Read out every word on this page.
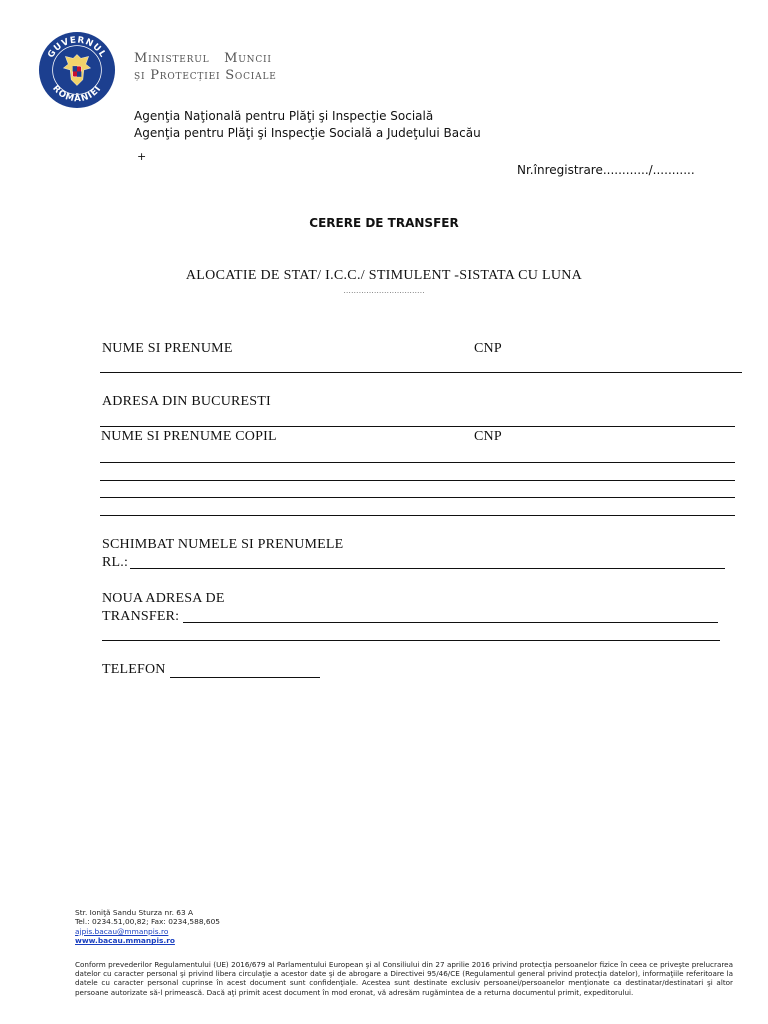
GUVERNUL
ROMÂNIEI
Ministerul   Muncii
și Protecției Sociale
Agenţia Naţională pentru Plăţi şi Inspecţie Socială
Agenţia pentru Plăţi şi Inspecţie Socială a Judeţului Bacău
+
Nr.înregistrare............/...........
CERERE DE TRANSFER
ALOCATIE DE STAT/ I.C.C./ STIMULENT -SISTATA CU LUNA
................................
NUME SI PRENUME	CNP
ADRESA DIN BUCURESTI
NUME SI PRENUME COPIL	CNP
SCHIMBAT NUMELE SI PRENUMELE
RL.:
NOUA ADRESA DE
TRANSFER:
TELEFON
Str. Ioniţă Sandu Sturza nr. 63 A
Tel.: 0234.51,00,82; Fax: 0234,588,605
ajpis.bacau@mmanpis.ro
www.bacau.mmanpis.ro
Conform prevederilor Regulamentului (UE) 2016/679 al Parlamentului European şi al Consiliului din 27 aprilie 2016 privind protecţia persoanelor fizice în ceea ce priveşte prelucrarea datelor cu caracter personal şi privind libera circulaţie a acestor date şi de abrogare a Directivei 95/46/CE (Regulamentul general privind protecţia datelor), informaţiile referitoare la datele cu caracter personal cuprinse în acest document sunt confidenţiale. Acestea sunt destinate exclusiv persoanei/persoanelor menţionate ca destinatar/destinatari şi altor persoane autorizate să-l primească. Dacă aţi primit acest document în mod eronat, vă adresăm rugămintea de a returna documentul primit, expeditorului.
